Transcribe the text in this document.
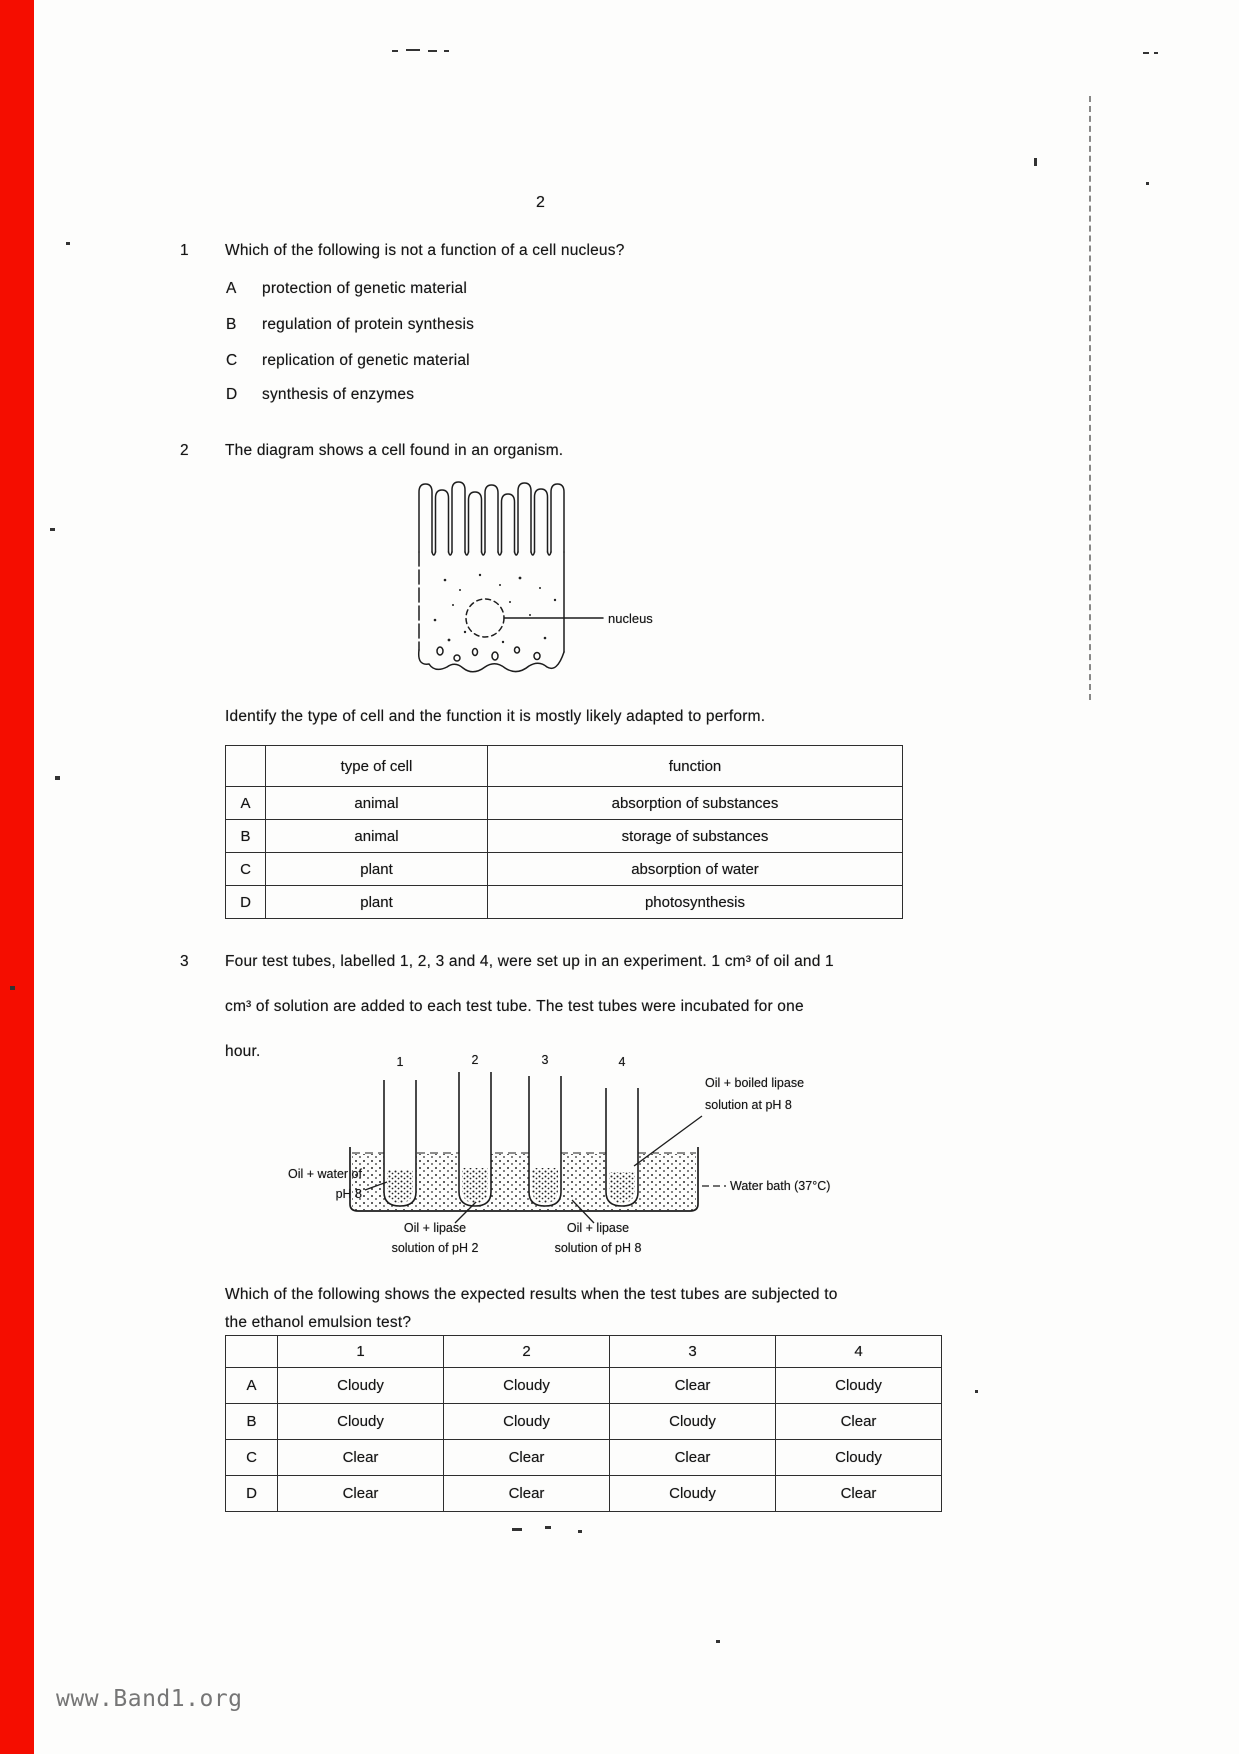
2
1	Which of the following is not a function of a cell nucleus?
A	protection of genetic material
B	regulation of protein synthesis
C	replication of genetic material
D	synthesis of enzymes
2	The diagram shows a cell found in an organism.
nucleus
Identify the type of cell and the function it is mostly likely adapted to perform.
	type of cell	function
A	animal	absorption of substances
B	animal	storage of substances
C	plant	absorption of water
D	plant	photosynthesis
3	Four test tubes, labelled 1, 2, 3 and 4, were set up in an experiment. 1 cm³ of oil and 1
cm³ of solution are added to each test tube. The test tubes were incubated for one
hour.
1	2	3	4
Oil + boiled lipase
solution at pH 8
Oil + water of
pH 8
Water bath (37°C)
Oil + lipase
solution of pH 2
Oil + lipase
solution of pH 8
Which of the following shows the expected results when the test tubes are subjected to
the ethanol emulsion test?
	1	2	3	4
A	Cloudy	Cloudy	Clear	Cloudy
B	Cloudy	Cloudy	Cloudy	Clear
C	Clear	Clear	Clear	Cloudy
D	Clear	Clear	Cloudy	Clear
www.Band1.org
